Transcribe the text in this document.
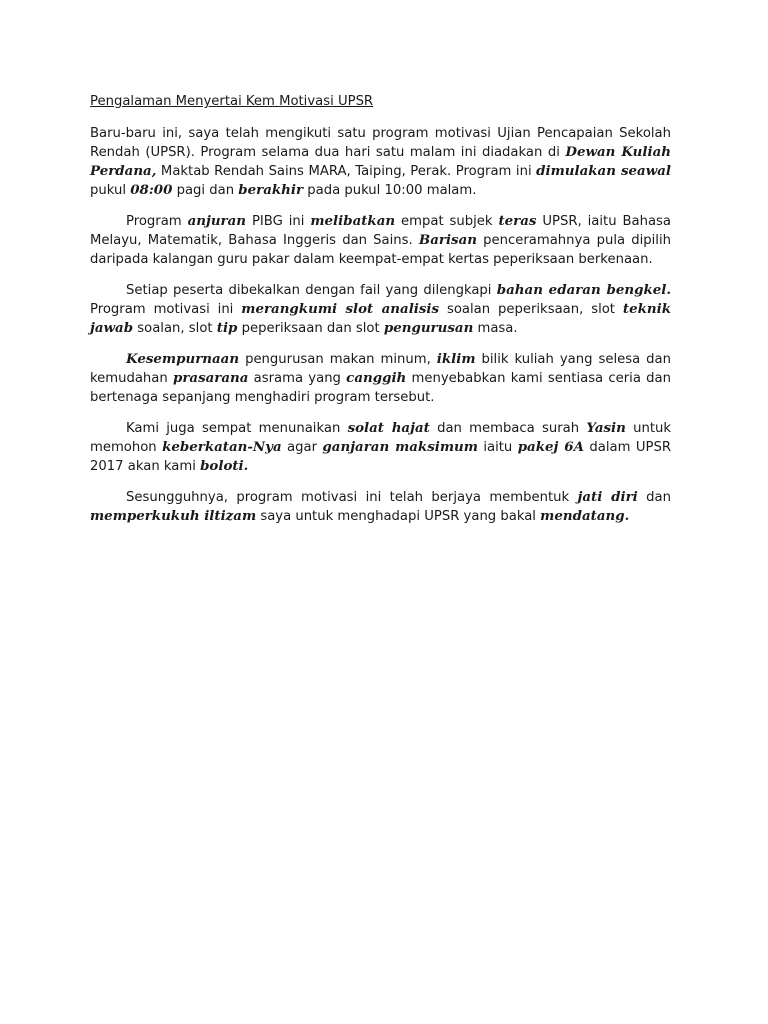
Pengalaman Menyertai Kem Motivasi UPSR

Baru-baru ini, saya telah mengikuti satu program motivasi Ujian Pencapaian Sekolah Rendah (UPSR). Program selama dua hari satu malam ini diadakan di Dewan Kuliah Perdana, Maktab Rendah Sains MARA, Taiping, Perak. Program ini dimulakan seawal pukul 08:00 pagi dan berakhir pada pukul 10:00 malam.

Program anjuran PIBG ini melibatkan empat subjek teras UPSR, iaitu Bahasa Melayu, Matematik, Bahasa Inggeris dan Sains. Barisan penceramahnya pula dipilih daripada kalangan guru pakar dalam keempat-empat kertas peperiksaan berkenaan.

Setiap peserta dibekalkan dengan fail yang dilengkapi bahan edaran bengkel. Program motivasi ini merangkumi slot analisis soalan peperiksaan, slot teknik jawab soalan, slot tip peperiksaan dan slot pengurusan masa.

Kesempurnaan pengurusan makan minum, iklim bilik kuliah yang selesa dan kemudahan prasarana asrama yang canggih menyebabkan kami sentiasa ceria dan bertenaga sepanjang menghadiri program tersebut.

Kami juga sempat menunaikan solat hajat dan membaca surah Yasin untuk memohon keberkatan-Nya agar ganjaran maksimum iaitu pakej 6A dalam UPSR 2017 akan kami boloti.

Sesungguhnya, program motivasi ini telah berjaya membentuk jati diri dan memperkukuh iltizam saya untuk menghadapi UPSR yang bakal mendatang.
